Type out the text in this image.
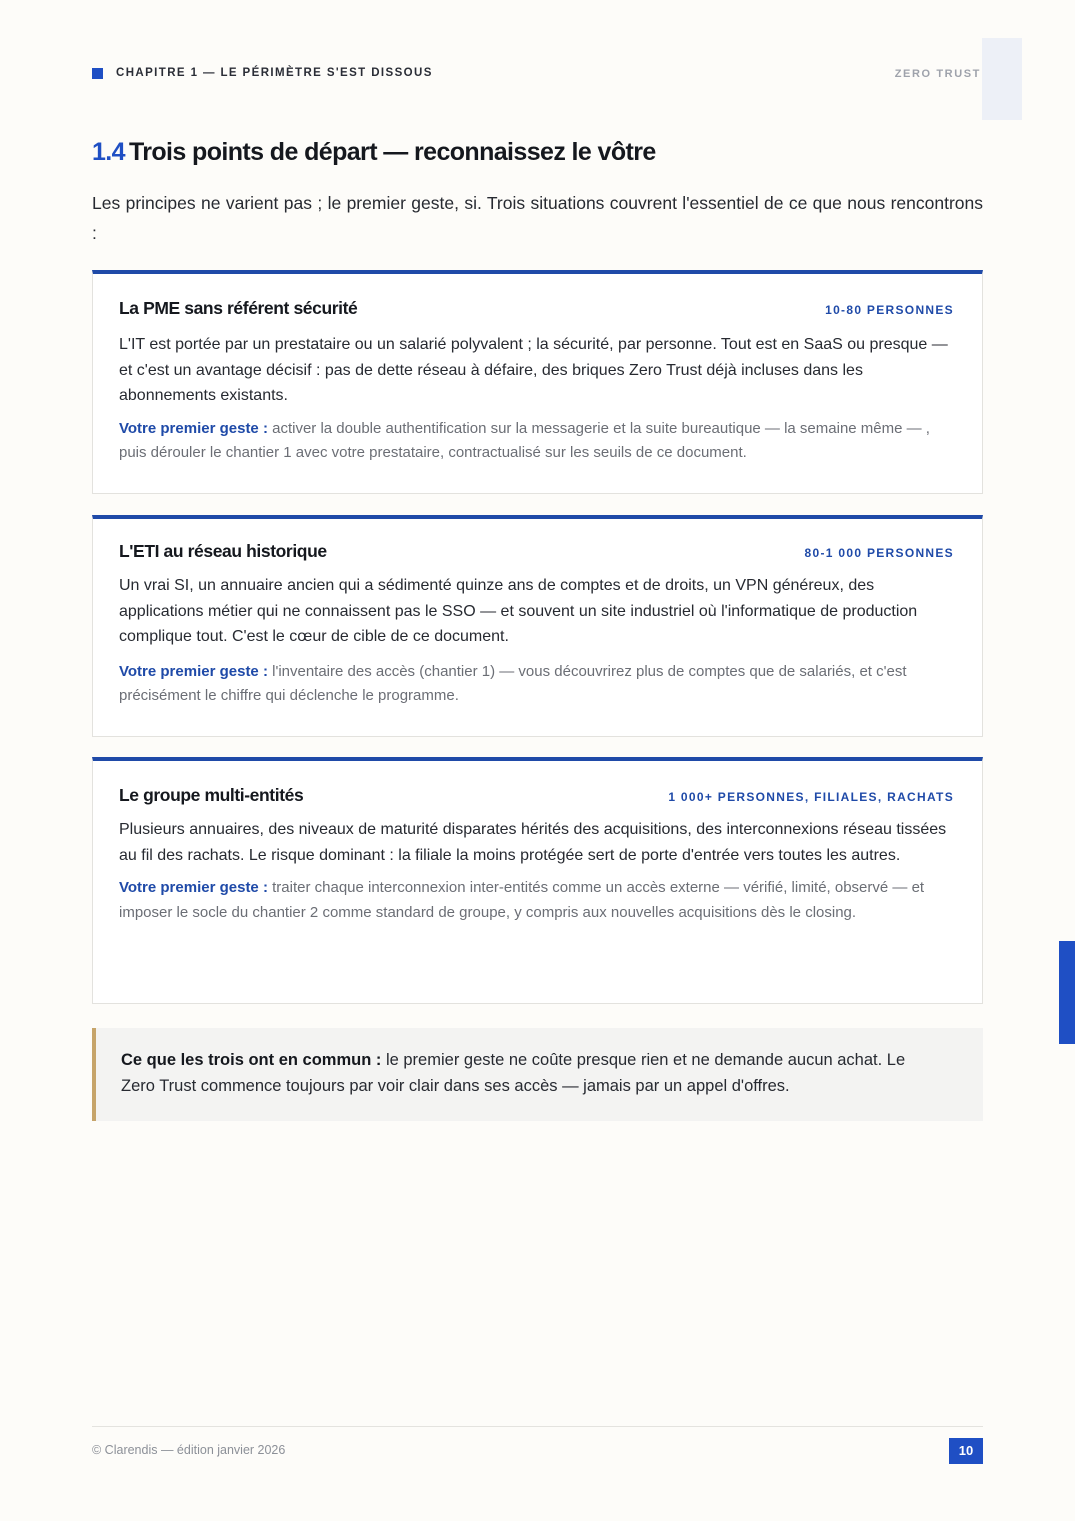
CHAPITRE 1 — LE PÉRIMÈTRE S'EST DISSOUS	ZERO TRUST
1.4 Trois points de départ — reconnaissez le vôtre

Les principes ne varient pas ; le premier geste, si. Trois situations couvrent l'essentiel de ce que nous rencontrons :

La PME sans référent sécurité	10-80 PERSONNES

L'IT est portée par un prestataire ou un salarié polyvalent ; la sécurité, par personne. Tout est en SaaS ou presque — et c'est un avantage décisif : pas de dette réseau à défaire, des briques Zero Trust déjà incluses dans les abonnements existants.

Votre premier geste : activer la double authentification sur la messagerie et la suite bureautique — la semaine même — , puis dérouler le chantier 1 avec votre prestataire, contractualisé sur les seuils de ce document.

L'ETI au réseau historique	80-1 000 PERSONNES

Un vrai SI, un annuaire ancien qui a sédimenté quinze ans de comptes et de droits, un VPN généreux, des applications métier qui ne connaissent pas le SSO — et souvent un site industriel où l'informatique de production complique tout. C'est le cœur de cible de ce document.

Votre premier geste : l'inventaire des accès (chantier 1) — vous découvrirez plus de comptes que de salariés, et c'est précisément le chiffre qui déclenche le programme.

Le groupe multi-entités	1 000+ PERSONNES, FILIALES, RACHATS

Plusieurs annuaires, des niveaux de maturité disparates hérités des acquisitions, des interconnexions réseau tissées au fil des rachats. Le risque dominant : la filiale la moins protégée sert de porte d'entrée vers toutes les autres.

Votre premier geste : traiter chaque interconnexion inter-entités comme un accès externe — vérifié, limité, observé — et imposer le socle du chantier 2 comme standard de groupe, y compris aux nouvelles acquisitions dès le closing.

Ce que les trois ont en commun : le premier geste ne coûte presque rien et ne demande aucun achat. Le Zero Trust commence toujours par voir clair dans ses accès — jamais par un appel d'offres.
© Clarendis — édition janvier 2026	10
